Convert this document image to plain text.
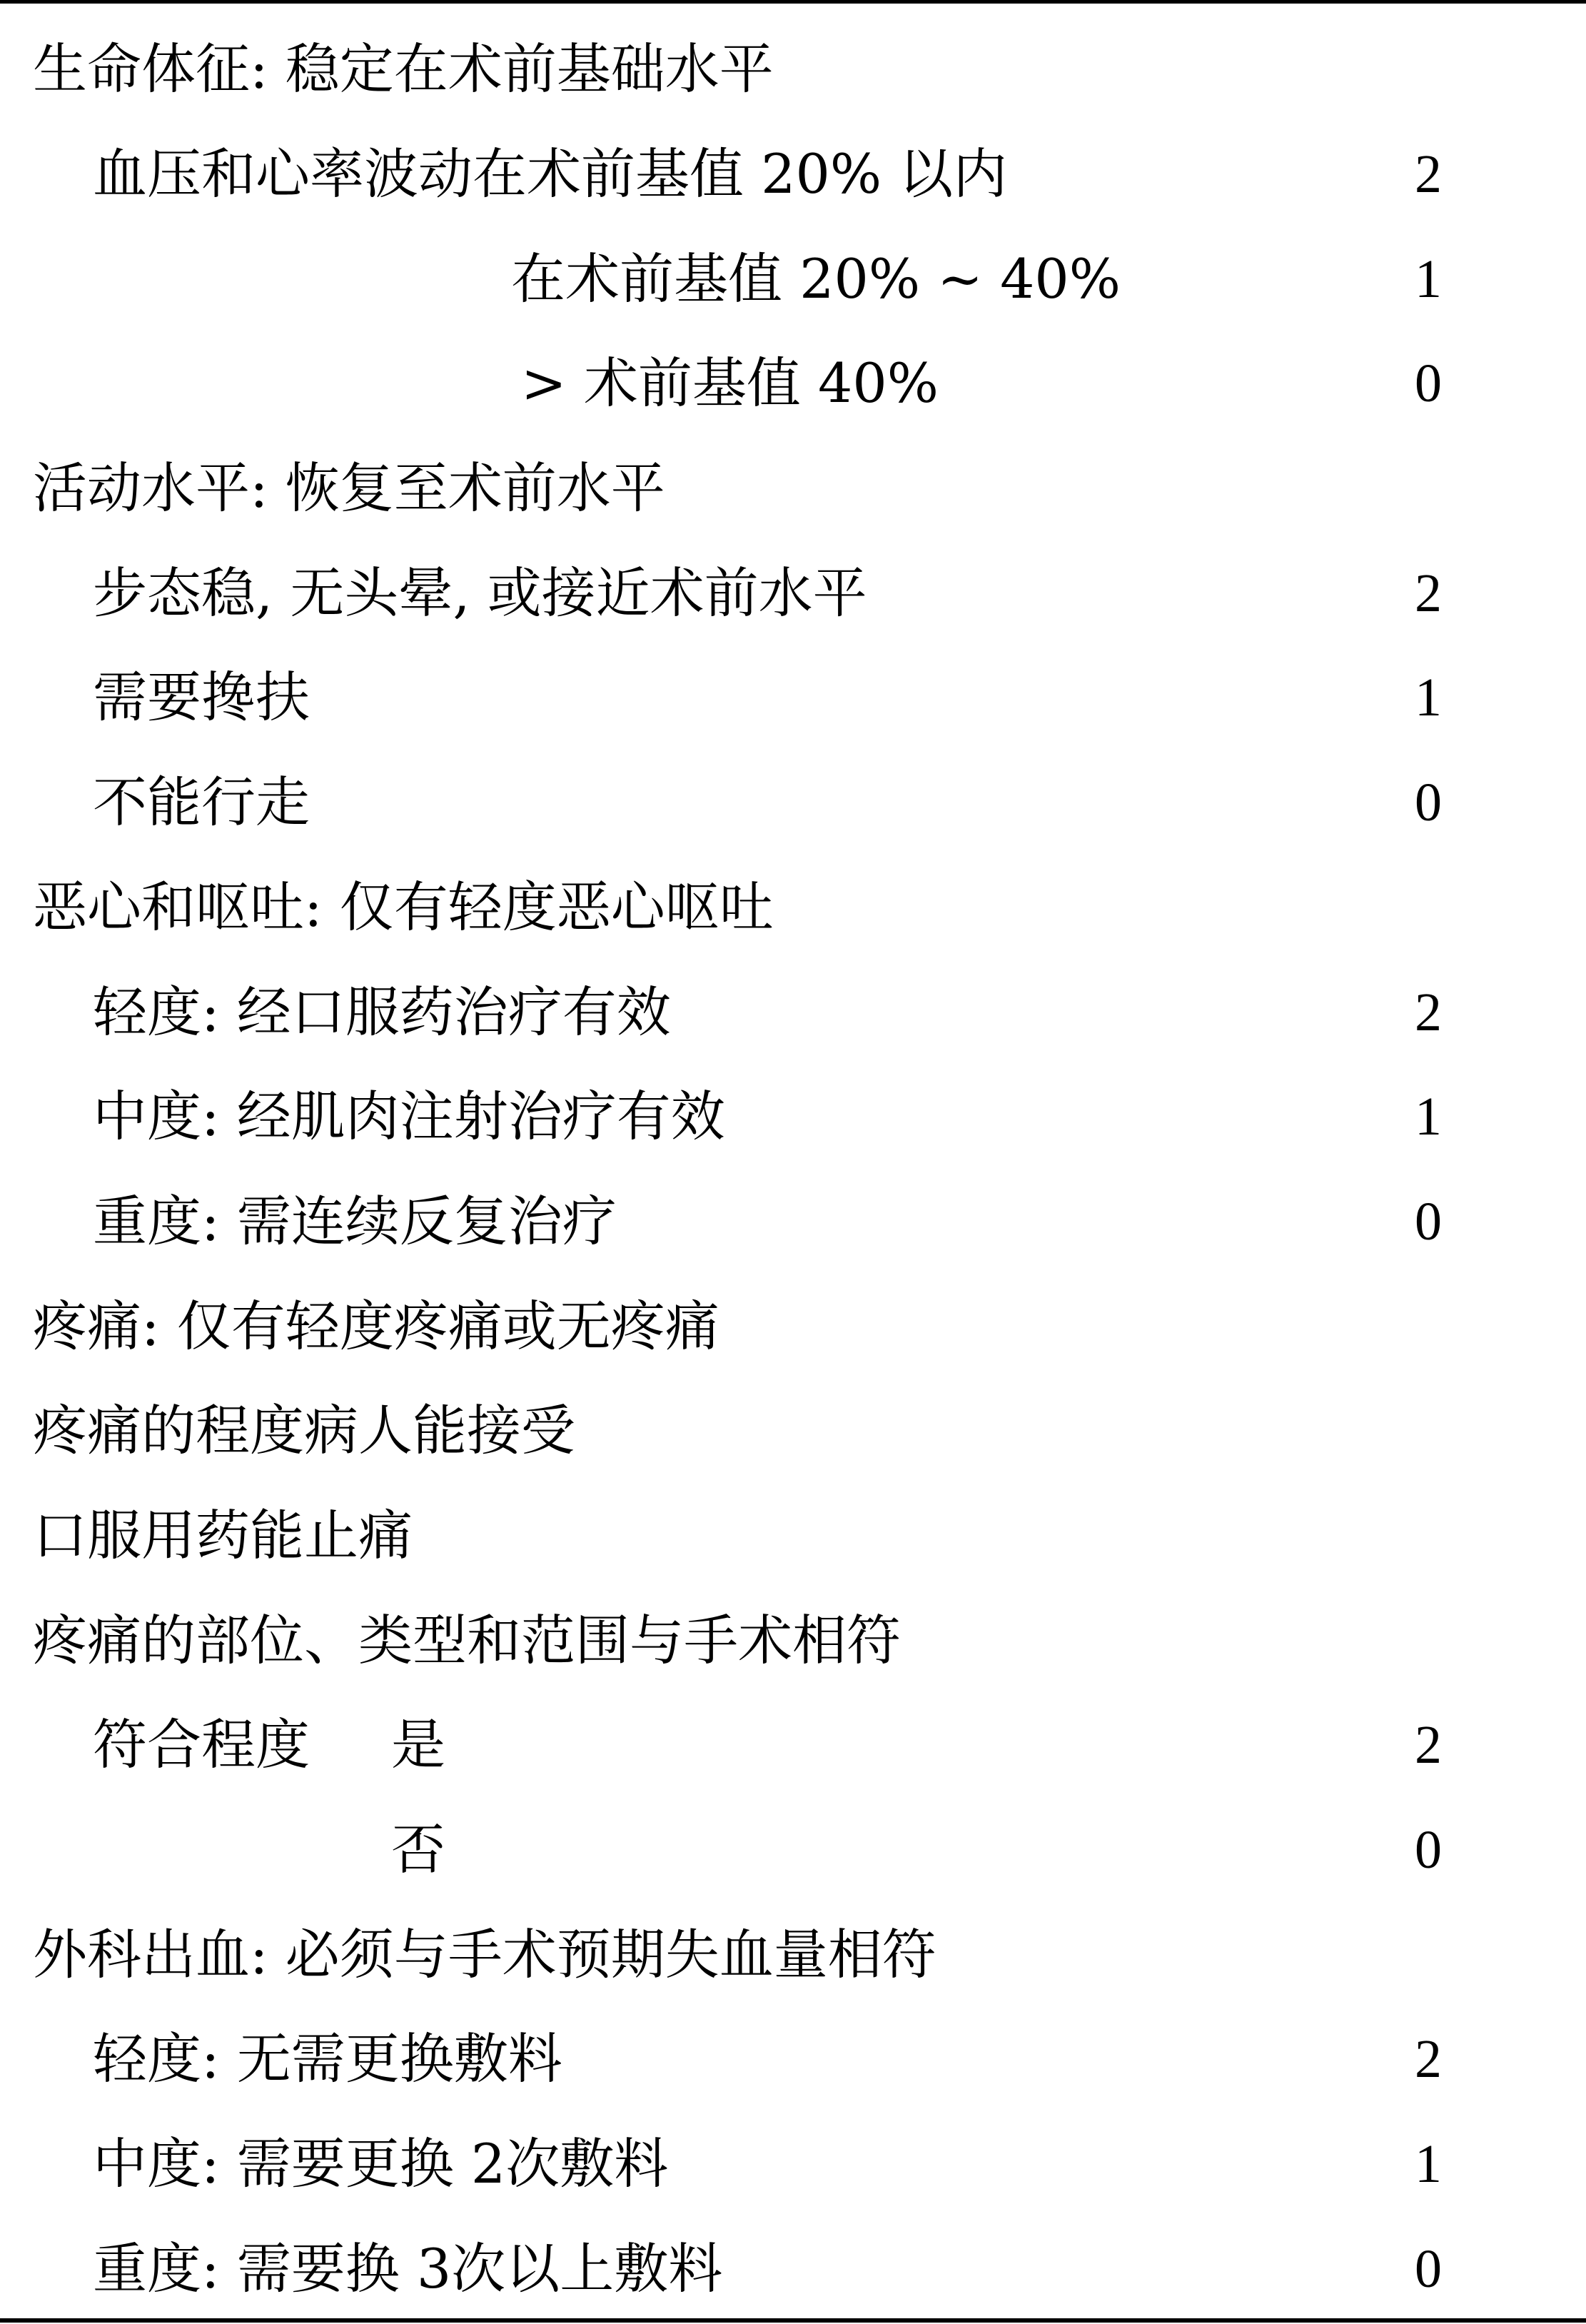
生命体征: 稳定在术前基础水平
血压和心率波动在术前基值 20% 以内	2
在术前基值 20% ~ 40%	1
> 术前基值 40%	0
活动水平: 恢复至术前水平
步态稳, 无头晕, 或接近术前水平	2
需要搀扶	1
不能行走	0
恶心和呕吐: 仅有轻度恶心呕吐
轻度: 经口服药治疗有效	2
中度: 经肌肉注射治疗有效	1
重度: 需连续反复治疗	0
疼痛: 仅有轻度疼痛或无疼痛
疼痛的程度病人能接受
口服用药能止痛
疼痛的部位、类型和范围与手术相符
符合程度 是	2
否	0
外科出血: 必须与手术预期失血量相符
轻度: 无需更换敷料	2
中度: 需要更换 2次敷料	1
重度: 需要换 3次以上敷料	0
